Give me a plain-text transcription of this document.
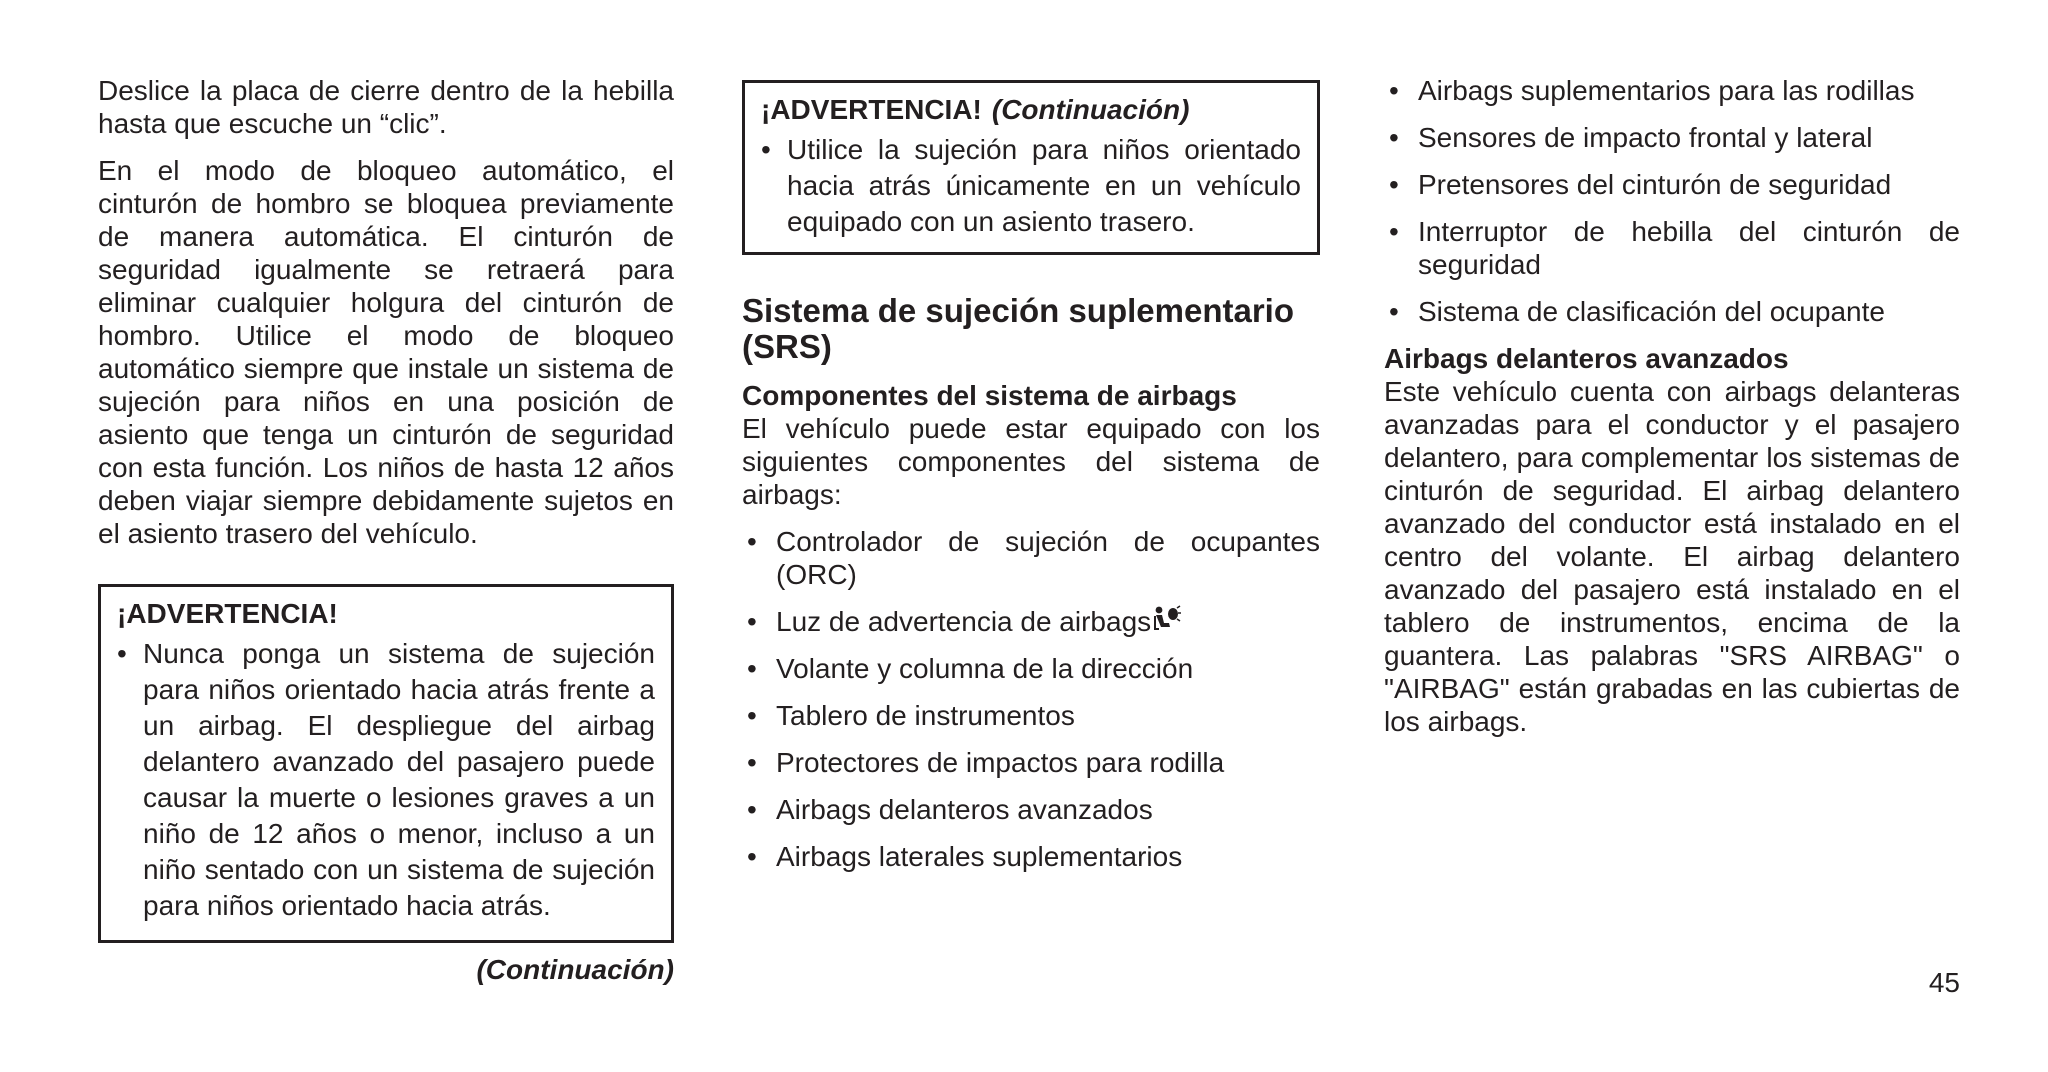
Deslice la placa de cierre dentro de la hebilla hasta que escuche un “clic”.

En el modo de bloqueo automático, el cinturón de hombro se bloquea previamente de manera automática. El cinturón de seguridad igualmente se retraerá para eliminar cualquier holgura del cinturón de hombro. Utilice el modo de bloqueo automático siempre que instale un sistema de sujeción para niños en una posición de asiento que tenga un cinturón de seguridad con esta función. Los niños de hasta 12 años deben viajar siempre debidamente sujetos en el asiento trasero del vehículo.

¡ADVERTENCIA!
• Nunca ponga un sistema de sujeción para niños orientado hacia atrás frente a un airbag. El despliegue del airbag delantero avanzado del pasajero puede causar la muerte o lesiones graves a un niño de 12 años o menor, incluso a un niño sentado con un sistema de sujeción para niños orientado hacia atrás.
(Continuación)
¡ADVERTENCIA! (Continuación)
• Utilice la sujeción para niños orientado hacia atrás únicamente en un vehículo equipado con un asiento trasero.
Sistema de sujeción suplementario (SRS)
Componentes del sistema de airbags

El vehículo puede estar equipado con los siguientes componentes del sistema de airbags:

• Controlador de sujeción de ocupantes (ORC)
• Luz de advertencia de airbags
• Volante y columna de la dirección
• Tablero de instrumentos
• Protectores de impactos para rodilla
• Airbags delanteros avanzados
• Airbags laterales suplementarios
• Airbags suplementarios para las rodillas
• Sensores de impacto frontal y lateral
• Pretensores del cinturón de seguridad
• Interruptor de hebilla del cinturón de seguridad
• Sistema de clasificación del ocupante
Airbags delanteros avanzados

Este vehículo cuenta con airbags delanteras avanzadas para el conductor y el pasajero delantero, para complementar los sistemas de cinturón de seguridad. El airbag delantero avanzado del conductor está instalado en el centro del volante. El airbag delantero avanzado del pasajero está instalado en el tablero de instrumentos, encima de la guantera. Las palabras "SRS AIRBAG" o "AIRBAG" están grabadas en las cubiertas de los airbags.

45
